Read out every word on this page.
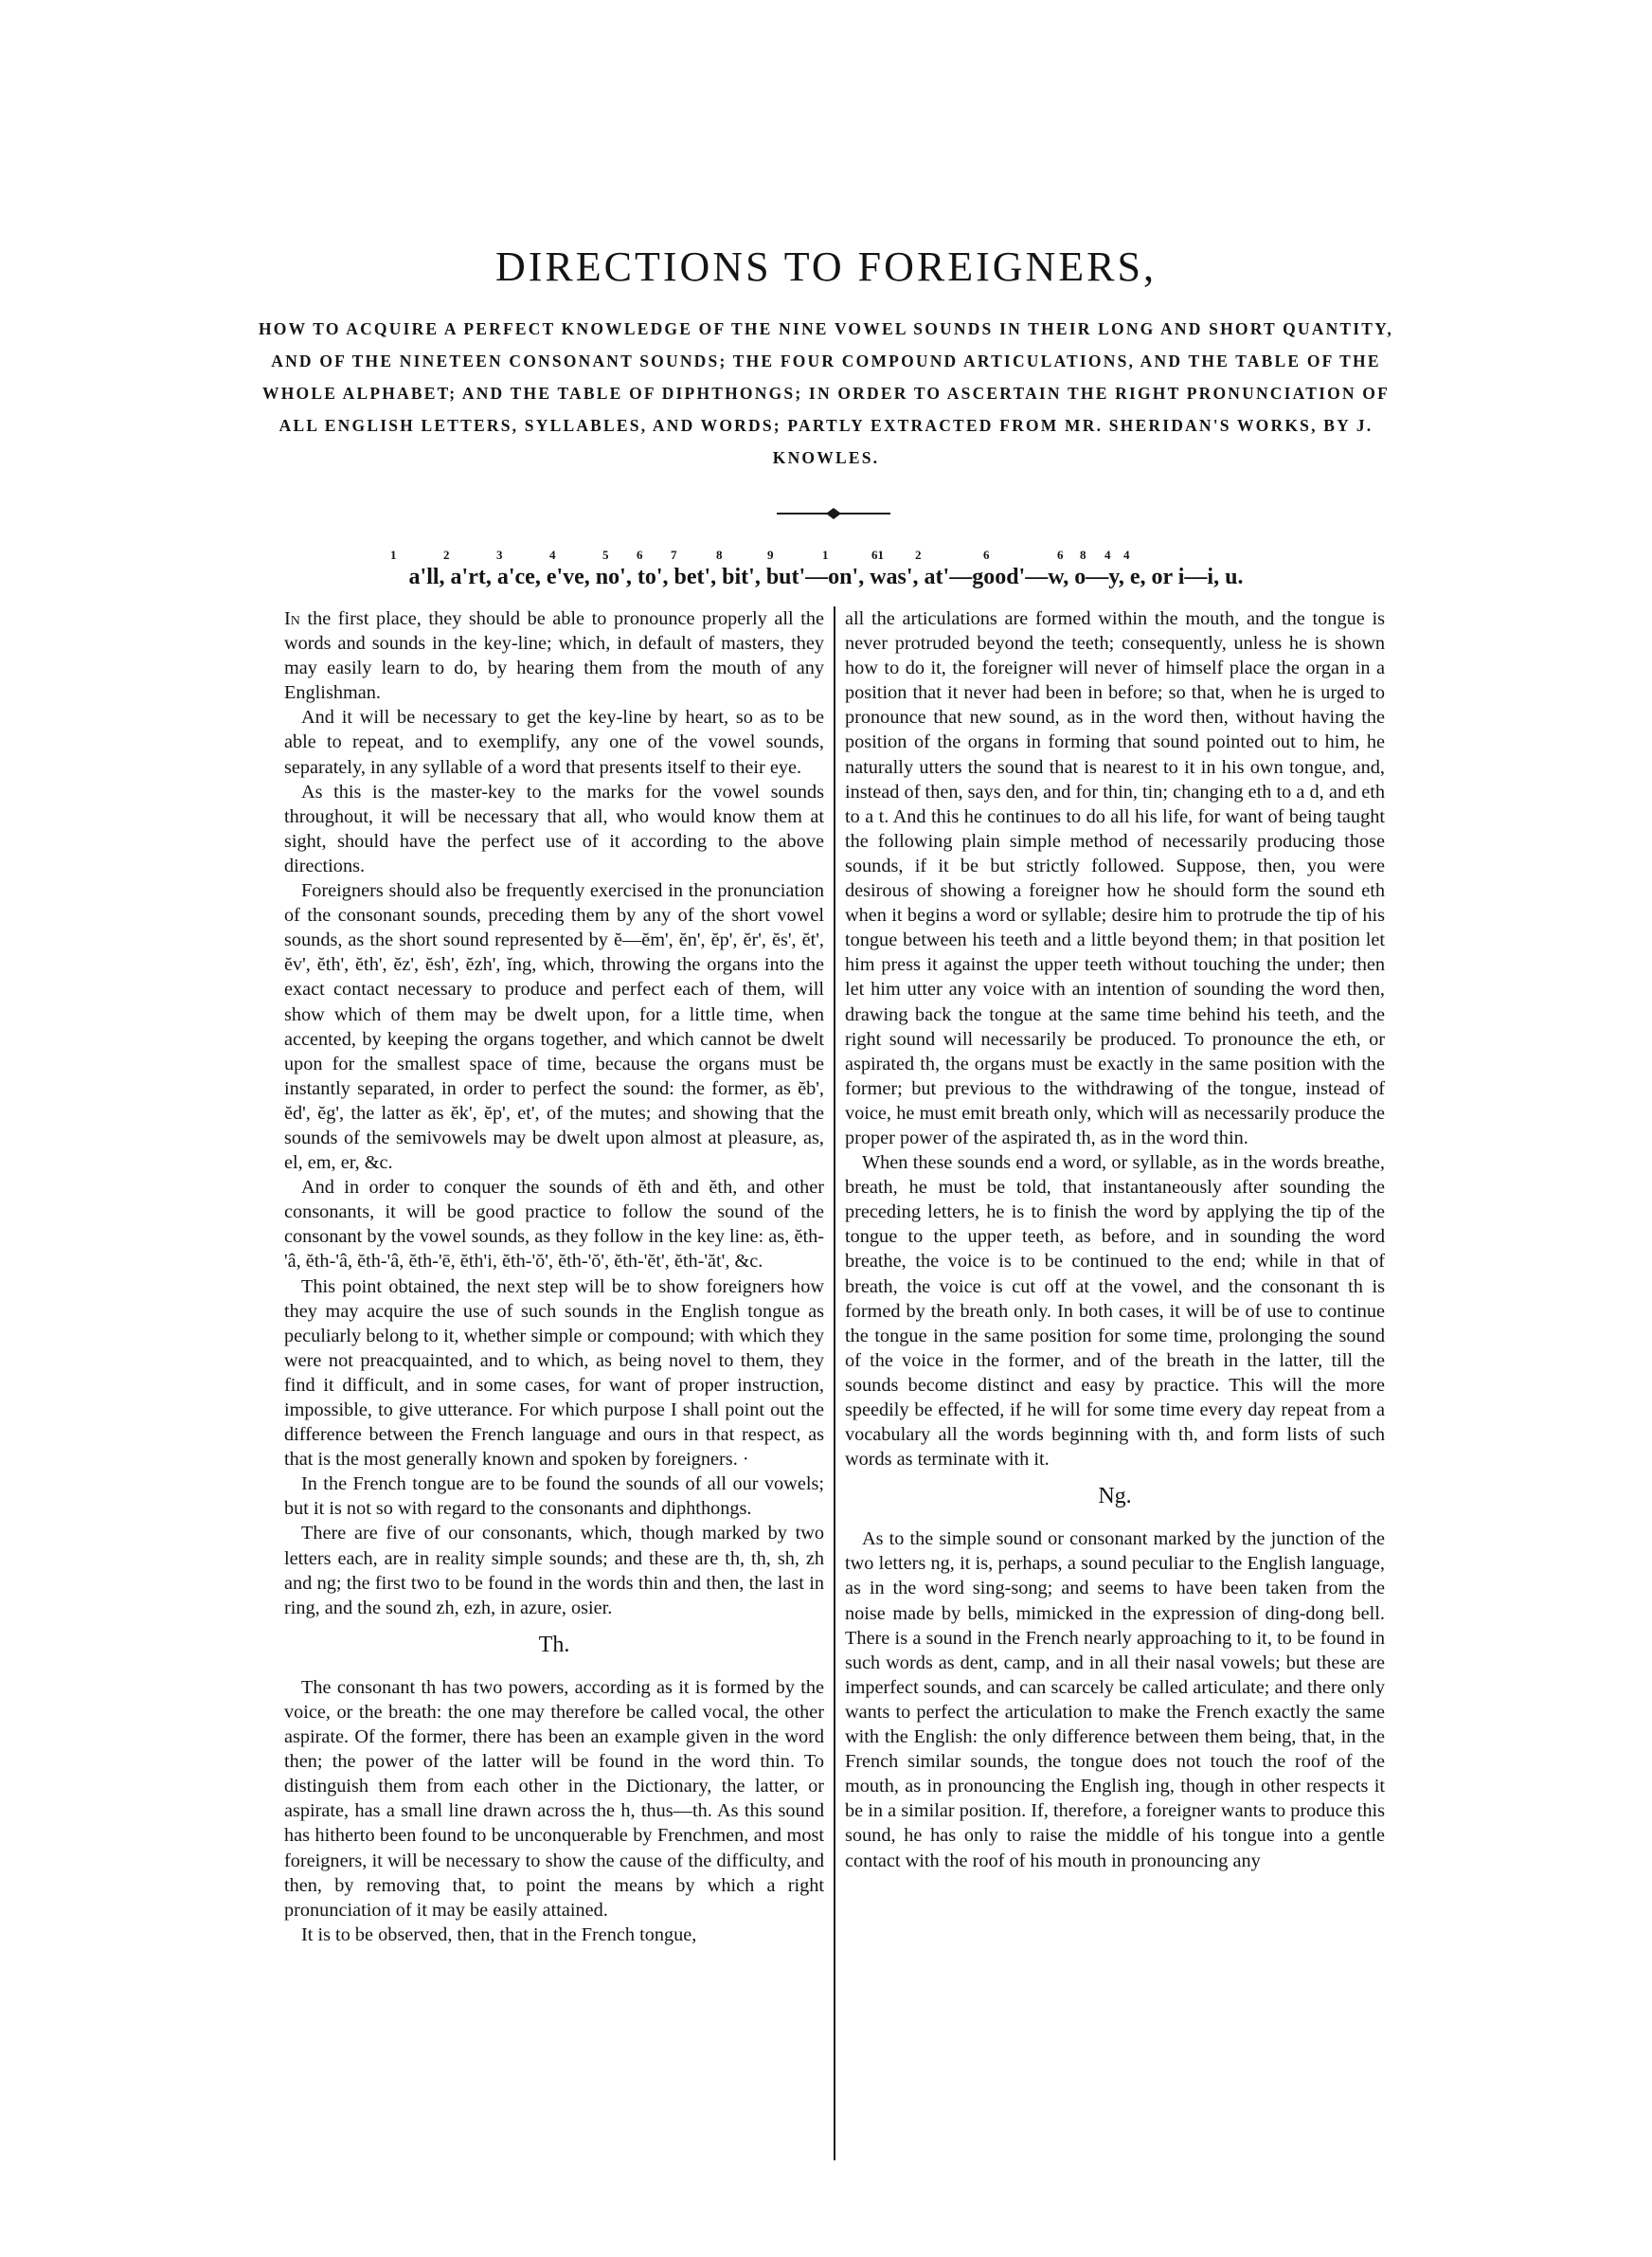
DIRECTIONS TO FOREIGNERS,
HOW TO ACQUIRE A PERFECT KNOWLEDGE OF THE NINE VOWEL SOUNDS IN THEIR LONG AND SHORT QUANTITY, AND OF THE NINETEEN CONSONANT SOUNDS; THE FOUR COMPOUND ARTICULATIONS, AND THE TABLE OF THE WHOLE ALPHABET; AND THE TABLE OF DIPHTHONGS; IN ORDER TO ASCERTAIN THE RIGHT PRONUNCIATION OF ALL ENGLISH LETTERS, SYLLABLES, AND WORDS; PARTLY EXTRACTED FROM MR. SHERIDAN'S WORKS, BY J. KNOWLES.
1	2	3	4	5 6 7	8	9	1	61	2	6	6 8 4 4
a'll, a'rt, a'ce, e've, no', to', bet', bit', but'—on', was', at'—good'—w, o—y, e, or i—i, u.

In the first place, they should be able to pronounce properly all the words and sounds in the key-line; which, in default of masters, they may easily learn to do, by hearing them from the mouth of any Englishman.

And it will be necessary to get the key-line by heart, so as to be able to repeat, and to exemplify, any one of the vowel sounds, separately, in any syllable of a word that presents itself to their eye.

As this is the master-key to the marks for the vowel sounds throughout, it will be necessary that all, who would know them at sight, should have the perfect use of it according to the above directions.

Foreigners should also be frequently exercised in the pronunciation of the consonant sounds, preceding them by any of the short vowel sounds, as the short sound represented by ĕ—ĕm', ĕn', ĕp', ĕr', ĕs', ĕt', ĕv', ĕth', ĕth', ĕz', ĕsh', ĕzh', ĭng, which, throwing the organs into the exact contact necessary to produce and perfect each of them, will show which of them may be dwelt upon, for a little time, when accented, by keeping the organs together, and which cannot be dwelt upon for the smallest space of time, because the organs must be instantly separated, in order to perfect the sound: the former, as ĕb', ĕd', ĕg', the latter as ĕk', ĕp', et', of the mutes; and showing that the sounds of the semivowels may be dwelt upon almost at pleasure, as, el, em, er, &c.

And in order to conquer the sounds of ĕth and ĕth, and other consonants, it will be good practice to follow the sound of the consonant by the vowel sounds, as they follow in the key line: as, ĕth-'â, ĕth-'â, ĕth-'â, ĕth-'ē, ĕth'i, ĕth-'ŏ', ĕth-'ŏ', ĕth-'ĕt', ĕth-'ăt', &c.

This point obtained, the next step will be to show foreigners how they may acquire the use of such sounds in the English tongue as peculiarly belong to it, whether simple or compound; with which they were not preacquainted, and to which, as being novel to them, they find it difficult, and in some cases, for want of proper instruction, impossible, to give utterance. For which purpose I shall point out the difference between the French language and ours in that respect, as that is the most generally known and spoken by foreigners. ·

In the French tongue are to be found the sounds of all our vowels; but it is not so with regard to the consonants and diphthongs.

There are five of our consonants, which, though marked by two letters each, are in reality simple sounds; and these are th, th, sh, zh and ng; the first two to be found in the words thin and then, the last in ring, and the sound zh, ezh, in azure, osier.

Th.

The consonant th has two powers, according as it is formed by the voice, or the breath: the one may therefore be called vocal, the other aspirate. Of the former, there has been an example given in the word then; the power of the latter will be found in the word thin. To distinguish them from each other in the Dictionary, the latter, or aspirate, has a small line drawn across the h, thus—th. As this sound has hitherto been found to be unconquerable by Frenchmen, and most foreigners, it will be necessary to show the cause of the difficulty, and then, by removing that, to point the means by which a right pronunciation of it may be easily attained.

It is to be observed, then, that in the French tongue,

all the articulations are formed within the mouth, and the tongue is never protruded beyond the teeth; consequently, unless he is shown how to do it, the foreigner will never of himself place the organ in a position that it never had been in before; so that, when he is urged to pronounce that new sound, as in the word then, without having the position of the organs in forming that sound pointed out to him, he naturally utters the sound that is nearest to it in his own tongue, and, instead of then, says den, and for thin, tin; changing eth to a d, and eth to a t. And this he continues to do all his life, for want of being taught the following plain simple method of necessarily producing those sounds, if it be but strictly followed. Suppose, then, you were desirous of showing a foreigner how he should form the sound eth when it begins a word or syllable; desire him to protrude the tip of his tongue between his teeth and a little beyond them; in that position let him press it against the upper teeth without touching the under; then let him utter any voice with an intention of sounding the word then, drawing back the tongue at the same time behind his teeth, and the right sound will necessarily be produced. To pronounce the eth, or aspirated th, the organs must be exactly in the same position with the former; but previous to the withdrawing of the tongue, instead of voice, he must emit breath only, which will as necessarily produce the proper power of the aspirated th, as in the word thin.

When these sounds end a word, or syllable, as in the words breathe, breath, he must be told, that instantaneously after sounding the preceding letters, he is to finish the word by applying the tip of the tongue to the upper teeth, as before, and in sounding the word breathe, the voice is to be continued to the end; while in that of breath, the voice is cut off at the vowel, and the consonant th is formed by the breath only. In both cases, it will be of use to continue the tongue in the same position for some time, prolonging the sound of the voice in the former, and of the breath in the latter, till the sounds become distinct and easy by practice. This will the more speedily be effected, if he will for some time every day repeat from a vocabulary all the words beginning with th, and form lists of such words as terminate with it.

Ng.

As to the simple sound or consonant marked by the junction of the two letters ng, it is, perhaps, a sound peculiar to the English language, as in the word sing-song; and seems to have been taken from the noise made by bells, mimicked in the expression of ding-dong bell. There is a sound in the French nearly approaching to it, to be found in such words as dent, camp, and in all their nasal vowels; but these are imperfect sounds, and can scarcely be called articulate; and there only wants to perfect the articulation to make the French exactly the same with the English: the only difference between them being, that, in the French similar sounds, the tongue does not touch the roof of the mouth, as in pronouncing the English ing, though in other respects it be in a similar position. If, therefore, a foreigner wants to produce this sound, he has only to raise the middle of his tongue into a gentle contact with the roof of his mouth in pronouncing any
